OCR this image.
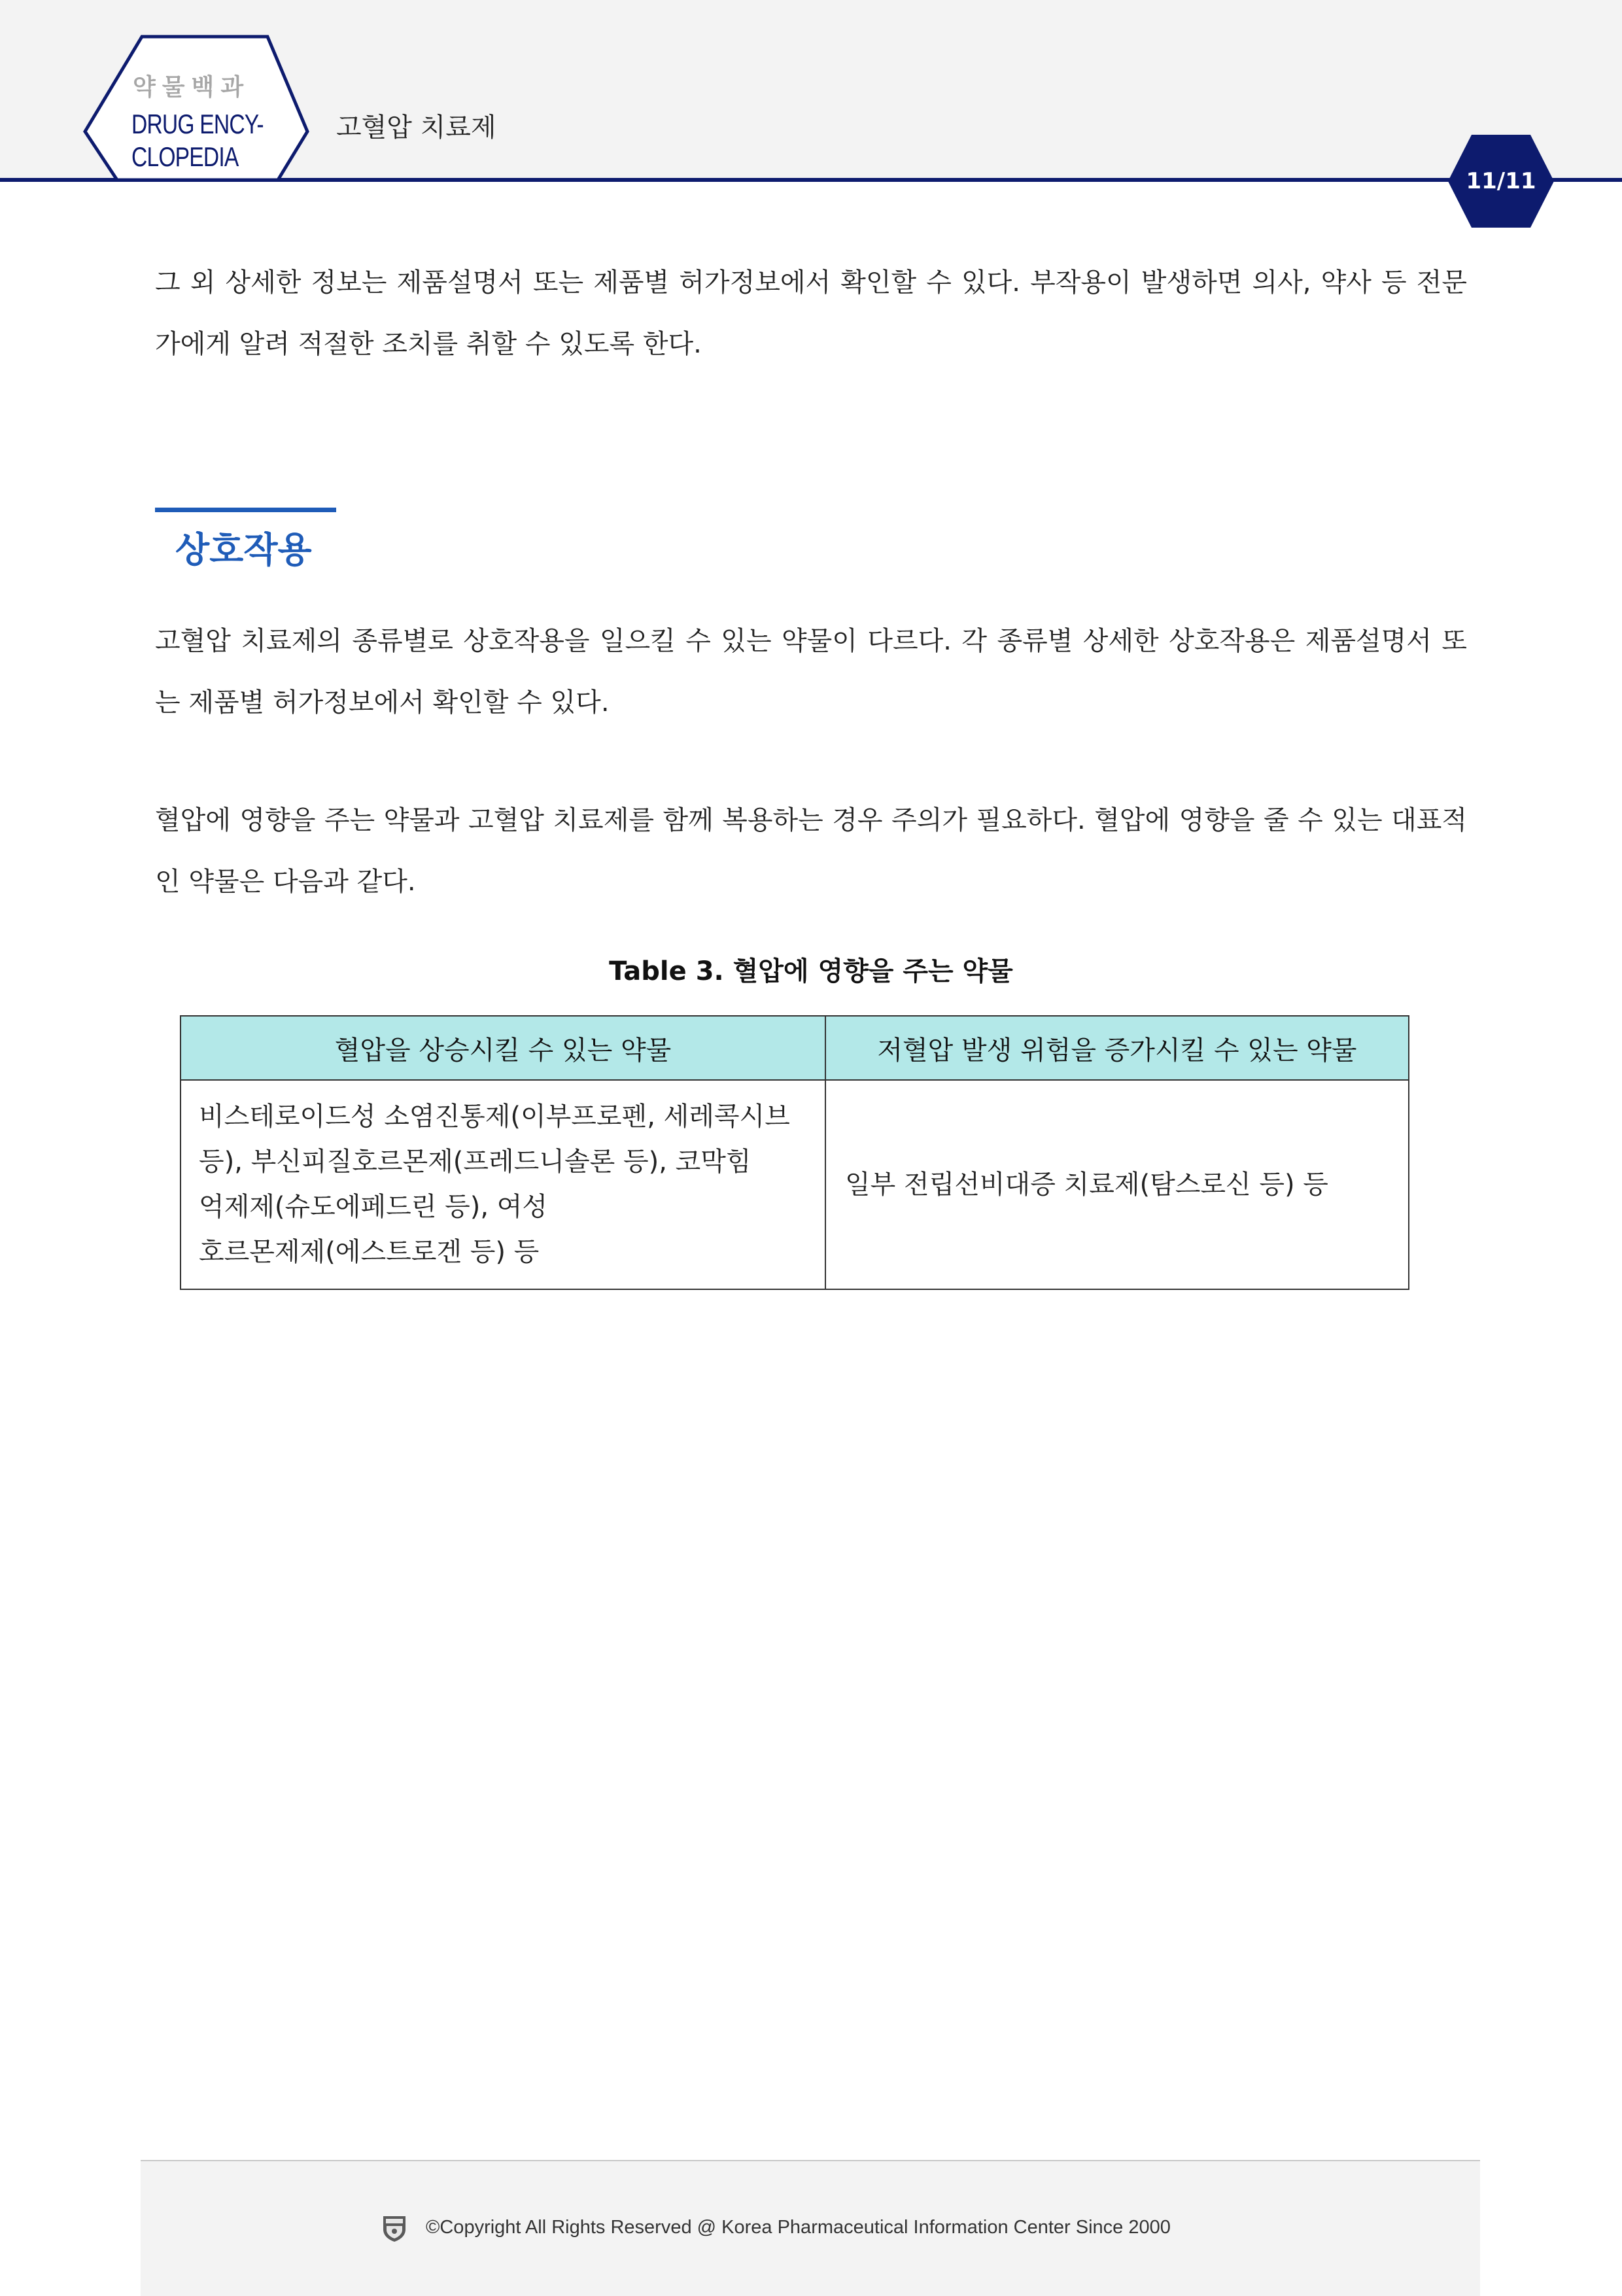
약물백과
DRUG ENCY-
CLOPEDIA
고혈압 치료제
11/11

그 외 상세한 정보는 제품설명서 또는 제품별 허가정보에서 확인할 수 있다. 부작용이 발생하면 의사, 약사 등 전문가에게 알려 적절한 조치를 취할 수 있도록 한다.

상호작용

고혈압 치료제의 종류별로 상호작용을 일으킬 수 있는 약물이 다르다. 각 종류별 상세한 상호작용은 제품설명서 또는 제품별 허가정보에서 확인할 수 있다.

혈압에 영향을 주는 약물과 고혈압 치료제를 함께 복용하는 경우 주의가 필요하다. 혈압에 영향을 줄 수 있는 대표적인 약물은 다음과 같다.

Table 3. 혈압에 영향을 주는 약물
혈압을 상승시킬 수 있는 약물	저혈압 발생 위험을 증가시킬 수 있는 약물

비스테로이드성 소염진통제(이부프로펜, 세레콕시브
등), 부신피질호르몬제(프레드니솔론 등), 코막힘
억제제(슈도에페드린 등), 여성
호르몬제제(에스트로겐 등) 등	일부 전립선비대증 치료제(탐스로신 등) 등
©Copyright All Rights Reserved @ Korea Pharmaceutical Information Center Since 2000
